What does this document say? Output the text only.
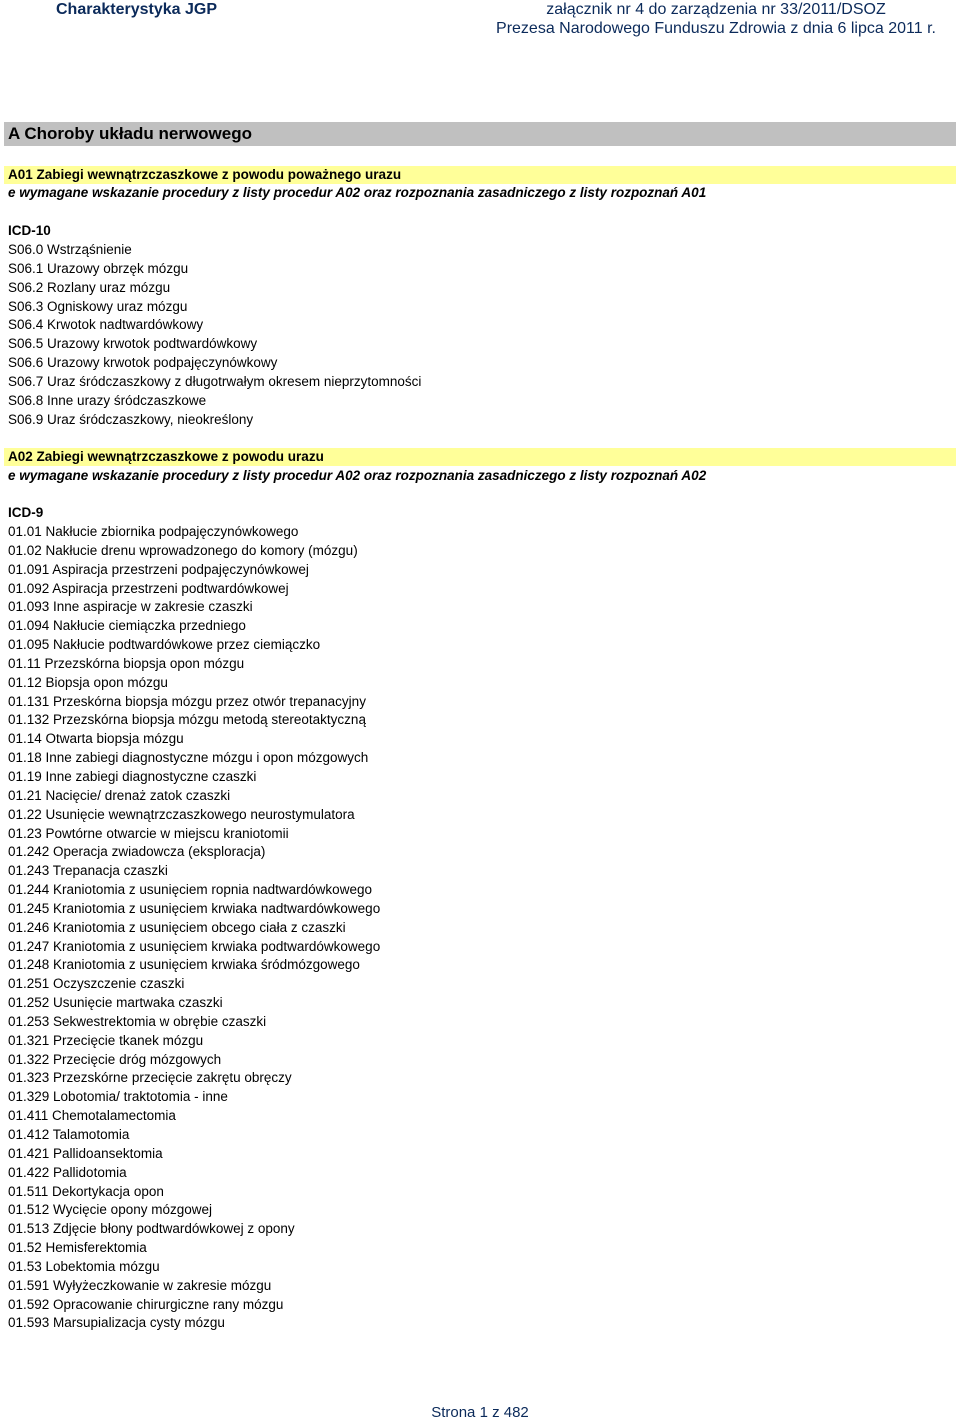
Charakterystyka JGP	załącznik nr 4 do zarządzenia nr 33/2011/DSOZ
Prezesa Narodowego Funduszu Zdrowia z dnia 6 lipca 2011 r.
A Choroby układu nerwowego
A01 Zabiegi wewnątrzczaszkowe z powodu poważnego urazu
e wymagane wskazanie procedury z listy procedur A02 oraz rozpoznania zasadniczego z listy rozpoznań A01
ICD-10
S06.0 Wstrząśnienie
S06.1 Urazowy obrzęk mózgu
S06.2 Rozlany uraz mózgu
S06.3 Ogniskowy uraz mózgu
S06.4 Krwotok nadtwardówkowy
S06.5 Urazowy krwotok podtwardówkowy
S06.6 Urazowy krwotok podpajęczynówkowy
S06.7 Uraz śródczaszkowy z długotrwałym okresem nieprzytomności
S06.8 Inne urazy śródczaszkowe
S06.9 Uraz śródczaszkowy, nieokreślony
A02 Zabiegi wewnątrzczaszkowe z powodu urazu
e wymagane wskazanie procedury z listy procedur A02 oraz rozpoznania zasadniczego z listy rozpoznań A02
ICD-9
01.01 Nakłucie zbiornika podpajęczynówkowego
01.02 Nakłucie drenu wprowadzonego do komory (mózgu)
01.091 Aspiracja przestrzeni podpajęczynówkowej
01.092 Aspiracja przestrzeni podtwardówkowej
01.093 Inne aspiracje w zakresie czaszki
01.094 Nakłucie ciemiączka przedniego
01.095 Nakłucie podtwardówkowe przez ciemiączko
01.11 Przezskórna biopsja opon mózgu
01.12 Biopsja opon mózgu
01.131 Przeskórna biopsja mózgu przez otwór trepanacyjny
01.132 Przezskórna biopsja mózgu metodą stereotaktyczną
01.14 Otwarta biopsja mózgu
01.18 Inne zabiegi diagnostyczne mózgu i opon mózgowych
01.19 Inne zabiegi diagnostyczne czaszki
01.21 Nacięcie/ drenaż zatok czaszki
01.22 Usunięcie wewnątrzczaszkowego neurostymulatora
01.23 Powtórne otwarcie w miejscu kraniotomii
01.242 Operacja zwiadowcza (eksploracja)
01.243 Trepanacja czaszki
01.244 Kraniotomia z usunięciem ropnia nadtwardówkowego
01.245 Kraniotomia z usunięciem krwiaka nadtwardówkowego
01.246 Kraniotomia z usunięciem obcego ciała z czaszki
01.247 Kraniotomia z usunięciem krwiaka podtwardówkowego
01.248 Kraniotomia z usunięciem krwiaka śródmózgowego
01.251 Oczyszczenie czaszki
01.252 Usunięcie martwaka czaszki
01.253 Sekwestrektomia w obrębie czaszki
01.321 Przecięcie tkanek mózgu
01.322 Przecięcie dróg mózgowych
01.323 Przezskórne przecięcie zakrętu obręczy
01.329 Lobotomia/ traktotomia - inne
01.411 Chemotalamectomia
01.412 Talamotomia
01.421 Pallidoansektomia
01.422 Pallidotomia
01.511 Dekortykacja opon
01.512 Wycięcie opony mózgowej
01.513 Zdjęcie błony podtwardówkowej z opony
01.52 Hemisferektomia
01.53 Lobektomia mózgu
01.591 Wyłyżeczkowanie w zakresie mózgu
01.592 Opracowanie chirurgiczne rany mózgu
01.593 Marsupializacja cysty mózgu
Strona 1 z 482
